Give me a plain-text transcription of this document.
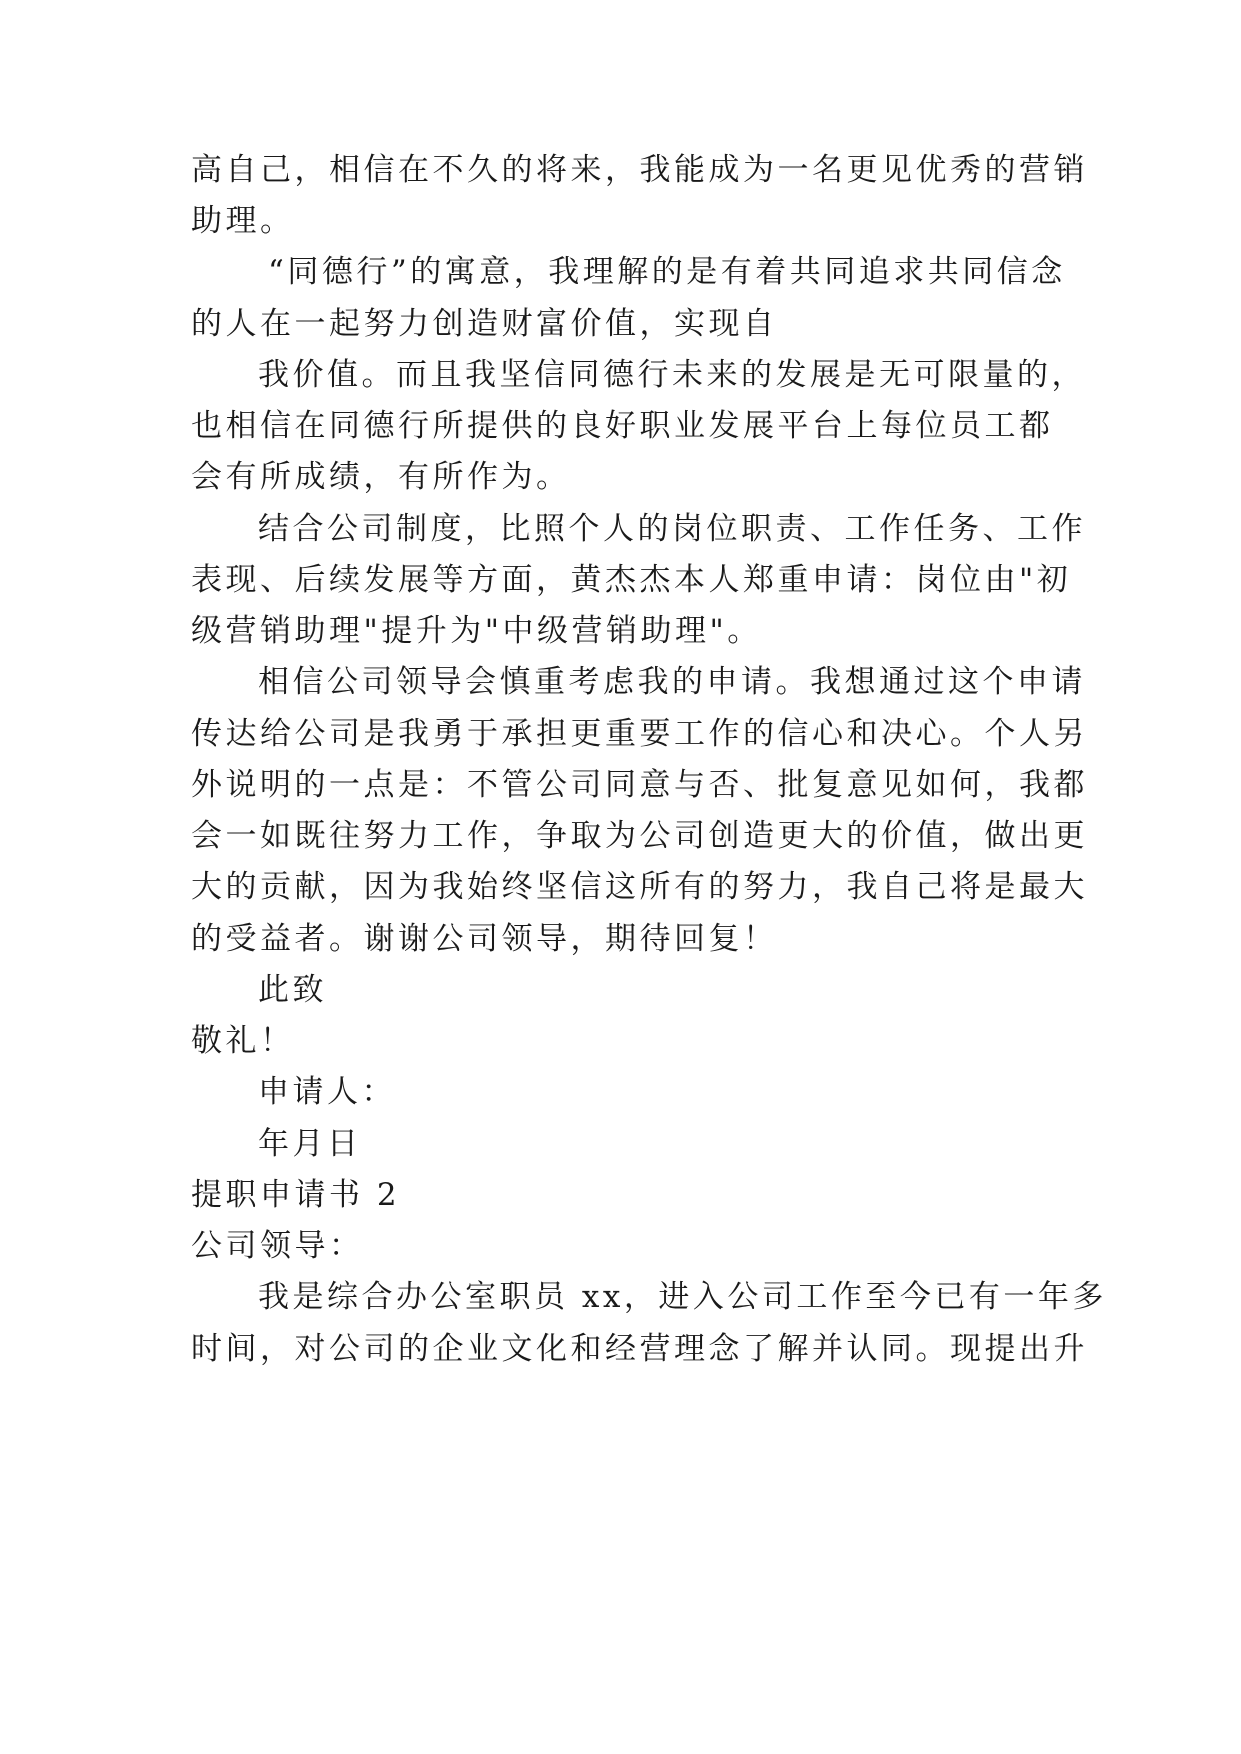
高自己，相信在不久的将来，我能成为一名更见优秀的营销
助理。
“同德行”的寓意，我理解的是有着共同追求共同信念
的人在一起努力创造财富价值，实现自
我价值。而且我坚信同德行未来的发展是无可限量的，
也相信在同德行所提供的良好职业发展平台上每位员工都
会有所成绩，有所作为。
结合公司制度，比照个人的岗位职责、工作任务、工作
表现、后续发展等方面，黄杰杰本人郑重申请：岗位由"初
级营销助理"提升为"中级营销助理"。
相信公司领导会慎重考虑我的申请。我想通过这个申请
传达给公司是我勇于承担更重要工作的信心和决心。个人另
外说明的一点是：不管公司同意与否、批复意见如何，我都
会一如既往努力工作，争取为公司创造更大的价值，做出更
大的贡献，因为我始终坚信这所有的努力，我自己将是最大
的受益者。谢谢公司领导，期待回复！
此致
敬礼！
申请人：
年月日
提职申请书 2
公司领导：
我是综合办公室职员 xx，进入公司工作至今已有一年多
时间，对公司的企业文化和经营理念了解并认同。现提出升
